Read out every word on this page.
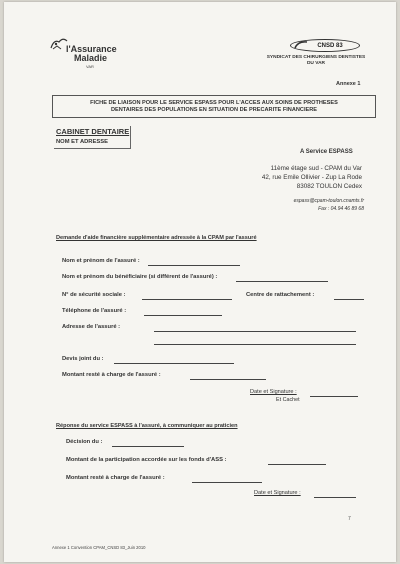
l'Assurance
Maladie
VAR
CNSD 83
SYNDICAT DES CHIRURGIENS DENTISTES
DU VAR
Annexe 1
FICHE DE LIAISON POUR LE SERVICE ESPASS POUR L'ACCES AUX SOINS DE PROTHESES
DENTAIRES DES POPULATIONS EN SITUATION DE PRECARITE FINANCIERE
CABINET DENTAIRE
NOM ET ADRESSE
A Service ESPASS
11ème étage sud - CPAM du Var
42, rue Emile Ollivier - Zup La Rode
83082 TOULON Cedex
espass@cpam-toulon.cnamts.fr
Fax : 04.94 46 89 68
Demande d'aide financière supplémentaire adressée à la CPAM par l'assuré
Nom et prénom de l'assuré :
Nom et prénom du bénéficiaire (si différent de l'assuré) :
N° de sécurité sociale :	Centre de rattachement :
Téléphone de l'assuré :
Adresse de l'assuré :
Devis joint du :
Montant resté à charge de l'assuré :
Date et Signature :
Et Cachet
Réponse du service ESPASS à l'assuré, à communiquer au praticien
Décision du :
Montant de la participation accordée sur les fonds d'ASS :
Montant resté à charge de l'assuré :
Date et Signature :
7
Annexe 1 Convention CPAM_CNSD 83_Juin 2010
